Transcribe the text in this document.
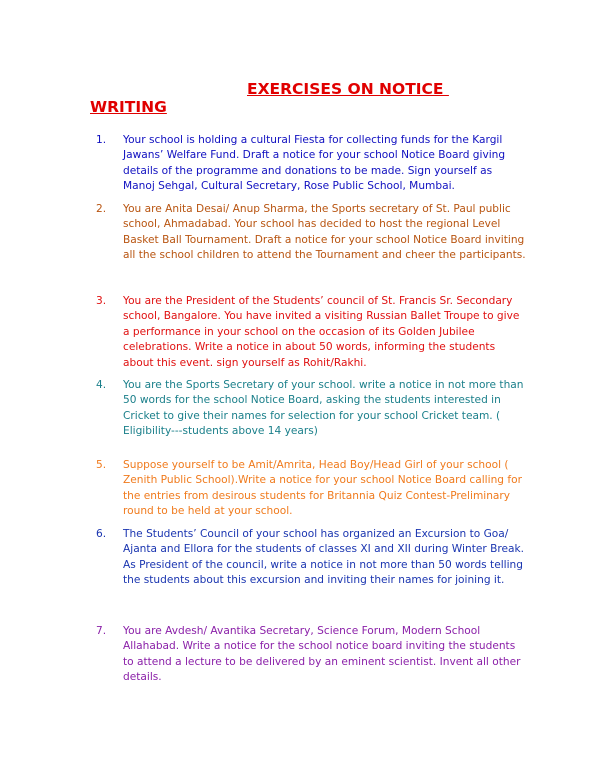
EXERCISES ON NOTICE
WRITING
1.	Your school is holding a cultural Fiesta for collecting funds for the Kargil Jawans’ Welfare Fund. Draft a notice for your school Notice Board giving details of the programme and donations to be made. Sign yourself as Manoj Sehgal, Cultural Secretary, Rose Public School, Mumbai.
2.	You are Anita Desai/ Anup Sharma, the Sports secretary of St. Paul public school, Ahmadabad. Your school has decided to host the regional Level Basket Ball Tournament. Draft a notice for your school Notice Board inviting all the school children to attend the Tournament and cheer the participants.
3.	You are the President of the Students’ council of St. Francis Sr. Secondary school, Bangalore. You have invited a visiting Russian Ballet Troupe to give a performance in your school on the occasion of its Golden Jubilee celebrations. Write a notice in about 50 words, informing the students about this event. sign yourself as Rohit/Rakhi.
4.	You are the Sports Secretary of your school. write a notice in not more than 50 words for the school Notice Board, asking the students interested in Cricket to give their names for selection for your school Cricket team. ( Eligibility---students above 14 years)
5.	Suppose yourself to be Amit/Amrita, Head Boy/Head Girl of your school ( Zenith Public School).Write a notice for your school Notice Board calling for the entries from desirous students for Britannia Quiz Contest-Preliminary round to be held at your school.
6.	The Students’ Council of your school has organized an Excursion to Goa/ Ajanta and Ellora for the students of classes XI and XII during Winter Break. As President of the council, write a notice in not more than 50 words telling the students about this excursion and inviting their names for joining it.
7.	You are Avdesh/ Avantika Secretary, Science Forum, Modern School Allahabad. Write a notice for the school notice board inviting the students to attend a lecture to be delivered by an eminent scientist. Invent all other details.
